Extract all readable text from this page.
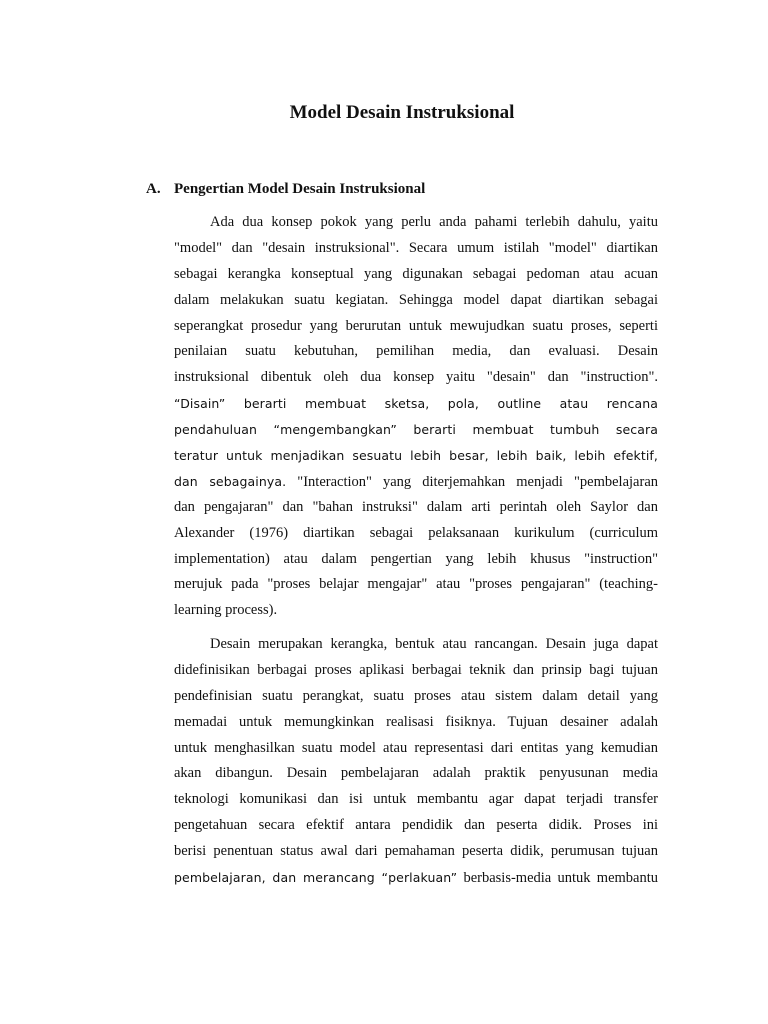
Model Desain Instruksional
A. Pengertian Model Desain Instruksional
Ada dua konsep pokok yang perlu anda pahami terlebih dahulu, yaitu
"model" dan "desain instruksional". Secara umum istilah "model" diartikan
sebagai kerangka konseptual yang digunakan sebagai pedoman atau acuan
dalam melakukan suatu kegiatan. Sehingga model dapat diartikan sebagai
seperangkat prosedur yang berurutan untuk mewujudkan suatu proses, seperti
penilaian suatu kebutuhan, pemilihan media, dan evaluasi. Desain
instruksional dibentuk oleh dua konsep yaitu "desain" dan "instruction".
“Disain” berarti membuat sketsa, pola, outline atau rencana
pendahuluan “mengembangkan” berarti membuat tumbuh secara
teratur untuk menjadikan sesuatu lebih besar, lebih baik, lebih efektif,
dan sebagainya. "Interaction" yang diterjemahkan menjadi "pembelajaran
dan pengajaran" dan "bahan instruksi" dalam arti perintah oleh Saylor dan
Alexander (1976) diartikan sebagai pelaksanaan kurikulum (curriculum
implementation) atau dalam pengertian yang lebih khusus "instruction"
merujuk pada "proses belajar mengajar" atau "proses pengajaran" (teaching-
learning process).
Desain merupakan kerangka, bentuk atau rancangan. Desain juga dapat
didefinisikan berbagai proses aplikasi berbagai teknik dan prinsip bagi tujuan
pendefinisian suatu perangkat, suatu proses atau sistem dalam detail yang
memadai untuk memungkinkan realisasi fisiknya. Tujuan desainer adalah
untuk menghasilkan suatu model atau representasi dari entitas yang kemudian
akan dibangun. Desain pembelajaran adalah praktik penyusunan media
teknologi komunikasi dan isi untuk membantu agar dapat terjadi transfer
pengetahuan secara efektif antara pendidik dan peserta didik. Proses ini
berisi penentuan status awal dari pemahaman peserta didik, perumusan tujuan
pembelajaran, dan merancang “perlakuan” berbasis-media untuk membantu
